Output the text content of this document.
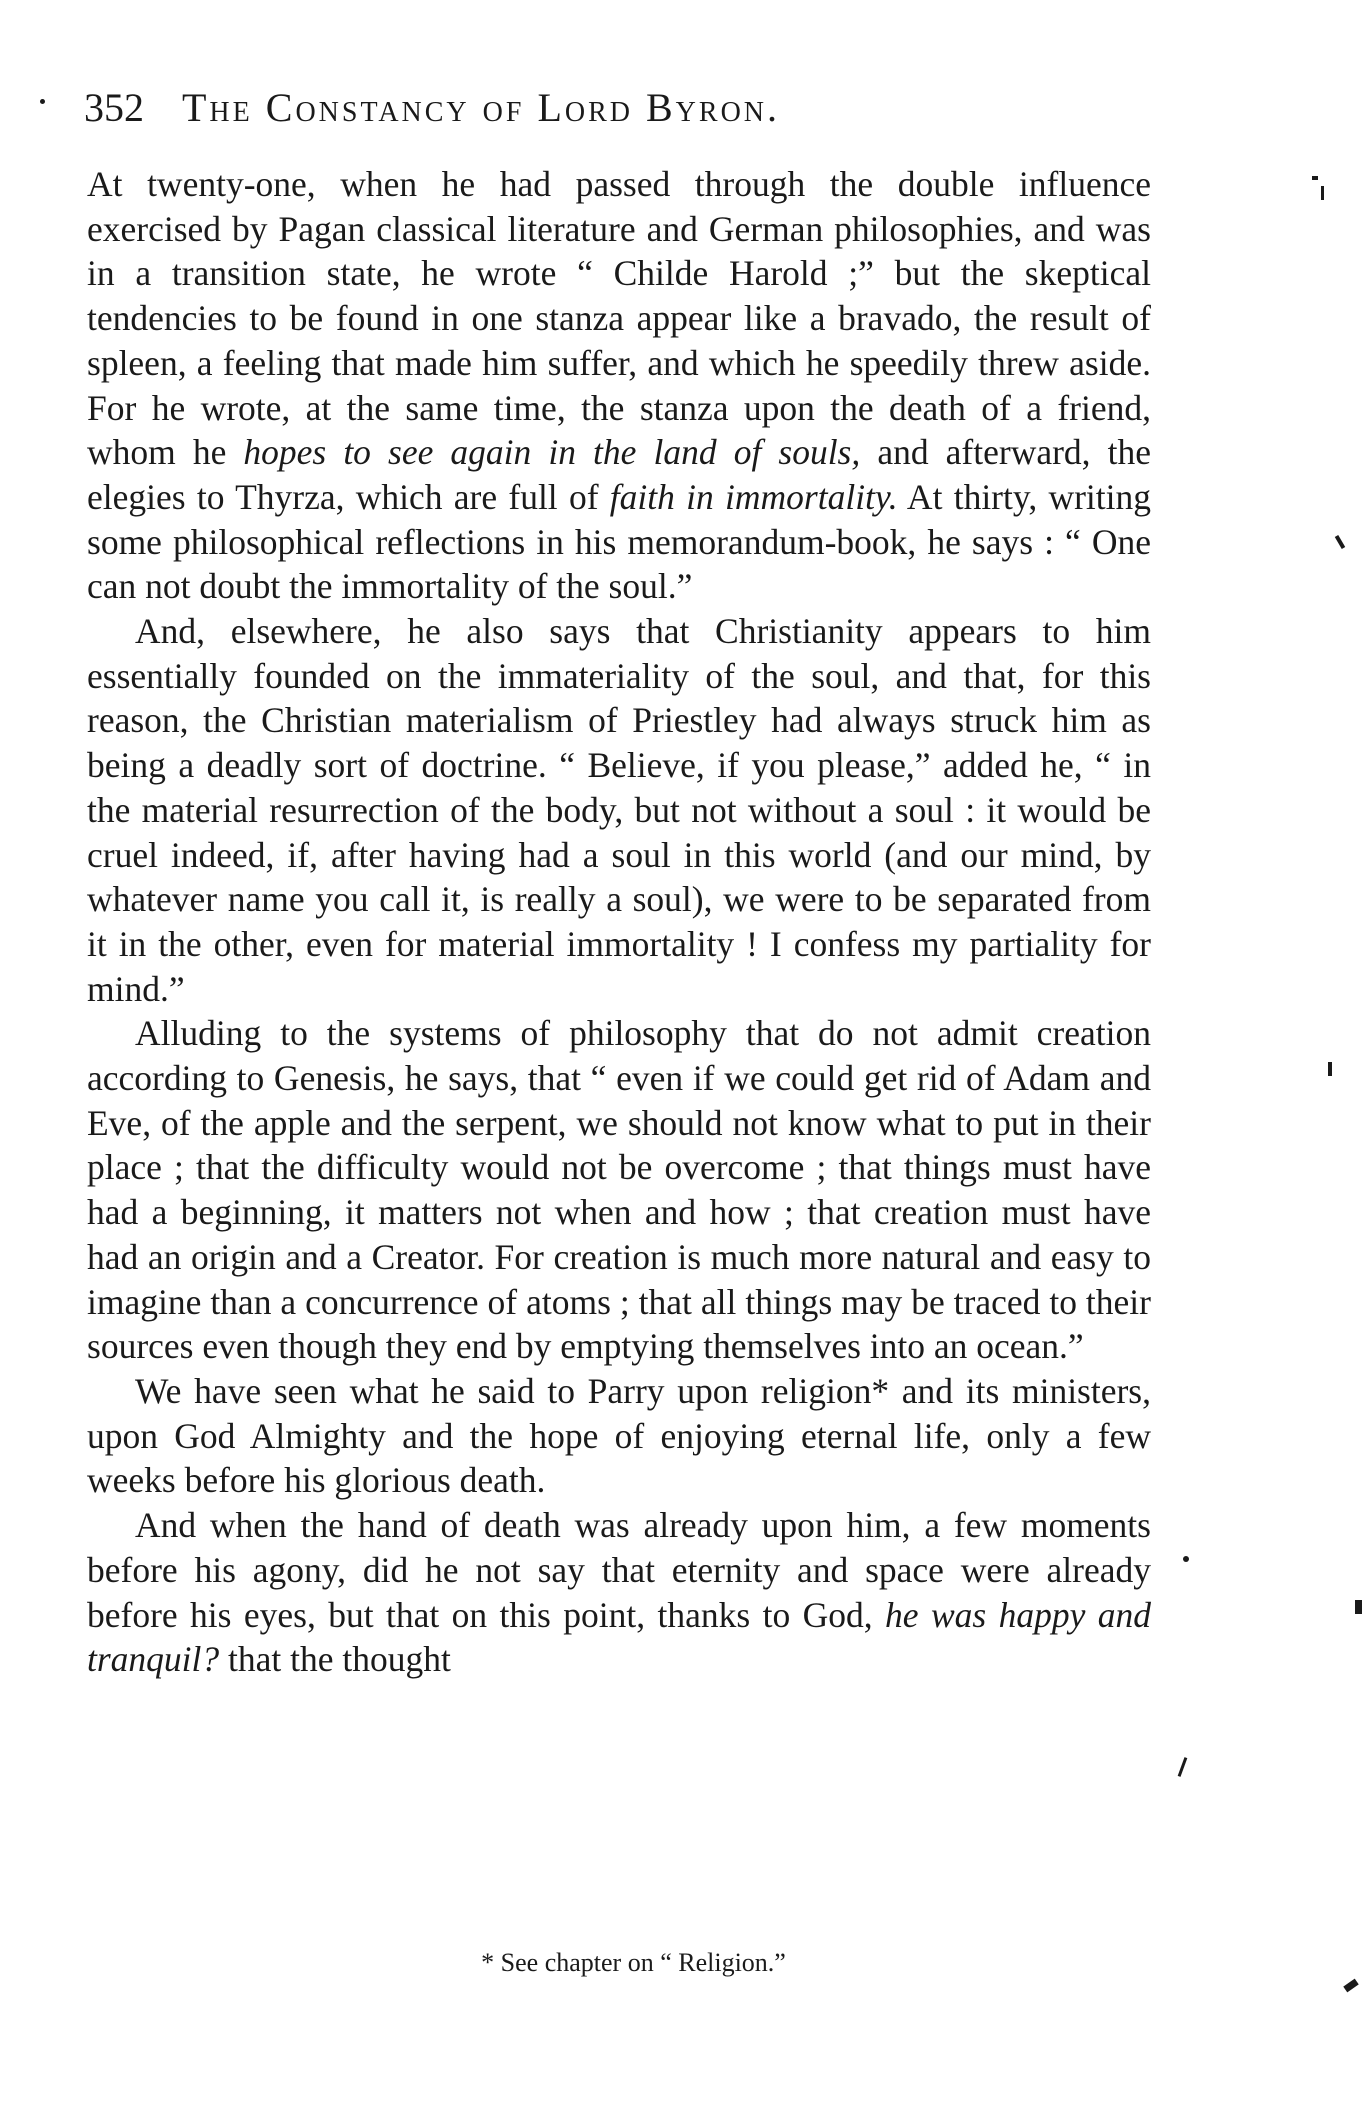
352 The Constancy of Lord Byron.

At twenty-one, when he had passed through the double influence exercised by Pagan classical literature and German philosophies, and was in a transition state, he wrote “ Childe Harold ;” but the skeptical tendencies to be found in one stanza appear like a bravado, the result of spleen, a feeling that made him suffer, and which he speedily threw aside. For he wrote, at the same time, the stanza upon the death of a friend, whom he hopes to see again in the land of souls, and afterward, the elegies to Thyrza, which are full of faith in immortality. At thirty, writing some philosophical reflections in his memorandum-book, he says : “ One can not doubt the immortality of the soul.”

And, elsewhere, he also says that Christianity appears to him essentially founded on the immateriality of the soul, and that, for this reason, the Christian materialism of Priestley had always struck him as being a deadly sort of doctrine. “ Believe, if you please,” added he, “ in the material resurrection of the body, but not without a soul : it would be cruel indeed, if, after having had a soul in this world (and our mind, by whatever name you call it, is really a soul), we were to be separated from it in the other, even for material immortality ! I confess my partiality for mind.”

Alluding to the systems of philosophy that do not admit creation according to Genesis, he says, that “ even if we could get rid of Adam and Eve, of the apple and the serpent, we should not know what to put in their place ; that the difficulty would not be overcome ; that things must have had a beginning, it matters not when and how ; that creation must have had an origin and a Creator. For creation is much more natural and easy to imagine than a concurrence of atoms ; that all things may be traced to their sources even though they end by emptying themselves into an ocean.”

We have seen what he said to Parry upon religion* and its ministers, upon God Almighty and the hope of enjoying eternal life, only a few weeks before his glorious death.

And when the hand of death was already upon him, a few moments before his agony, did he not say that eternity and space were already before his eyes, but that on this point, thanks to God, he was happy and tranquil? that the thought

* See chapter on “ Religion.”
